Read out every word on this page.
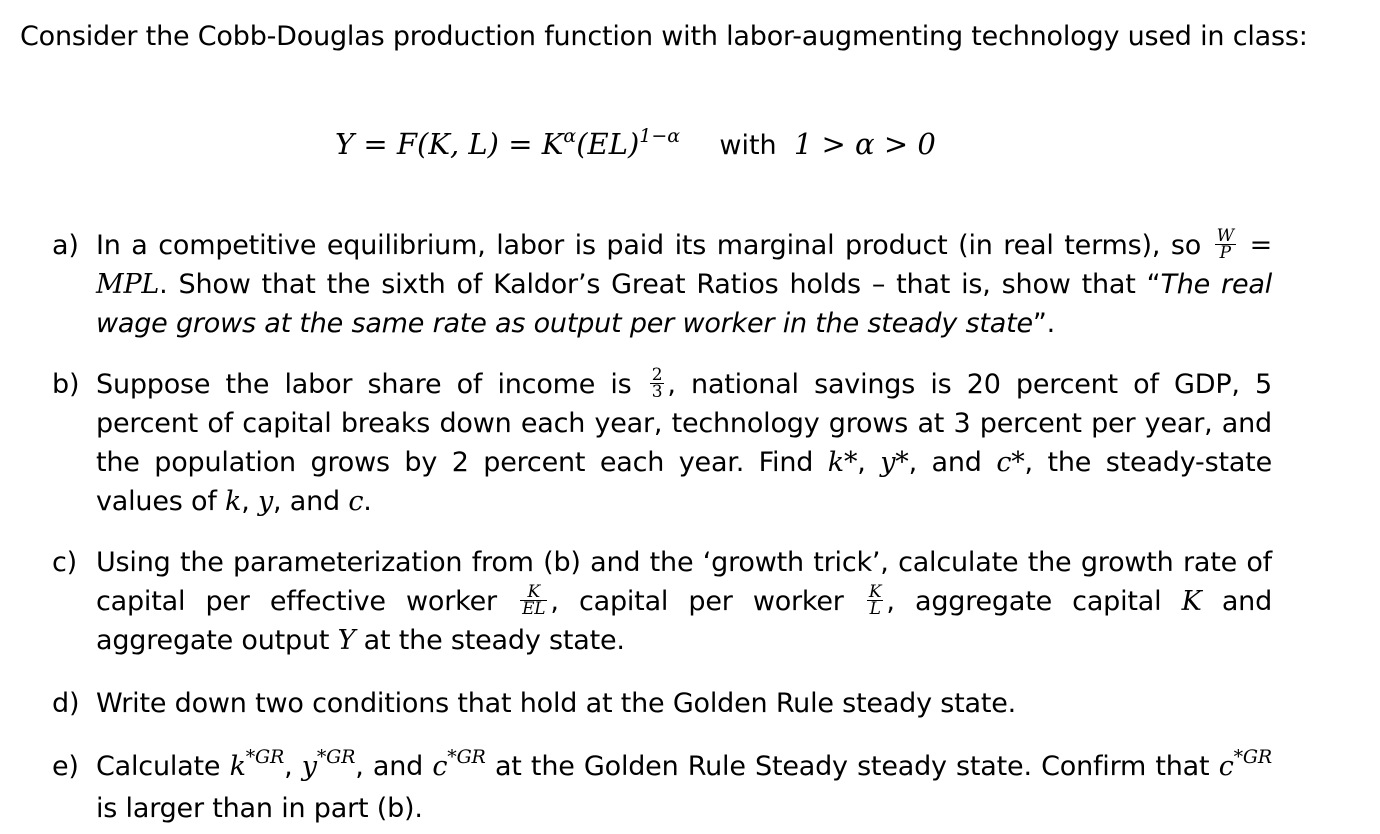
Consider the Cobb-Douglas production function with labor-augmenting technology used in class:
Y = F(K, $L) = K^\alpha(EL)^{1-\alpha}$ with 1 > α > 0
a) In a competitive equilibrium, labor is paid its marginal product (in real terms), so $\frac{W}{P}$ = MPL. Show that the sixth of Kaldor’s Great Ratios holds – that is, show that “The real wage grows at the same rate as output per worker in the steady state”.
b) Suppose the labor share of income is $\frac{2}{3}$ , national savings is 20 percent of GDP, 5 percent of capital breaks down each year, technology grows at 3 percent per year, and the population grows by 2 percent each year. Find k*, y*, and c*, the steady-state values of k, y, and c.
c) Using the parameterization from (b) and the ‘growth trick’, calculate the growth rate of capital per effective worker $\frac{K}{EL}$ , capital per worker $\frac{K}{L}$ , aggregate capital K and aggregate output Y at the steady state.
d) Write down two conditions that hold at the Golden Rule steady state.
e) Calculate $k^{*GR}$, $y^{*GR}$, and $c^{*GR}$ at the Golden Rule Steady steady state. Confirm that $c^{*GR}$ is larger than in part (b).
